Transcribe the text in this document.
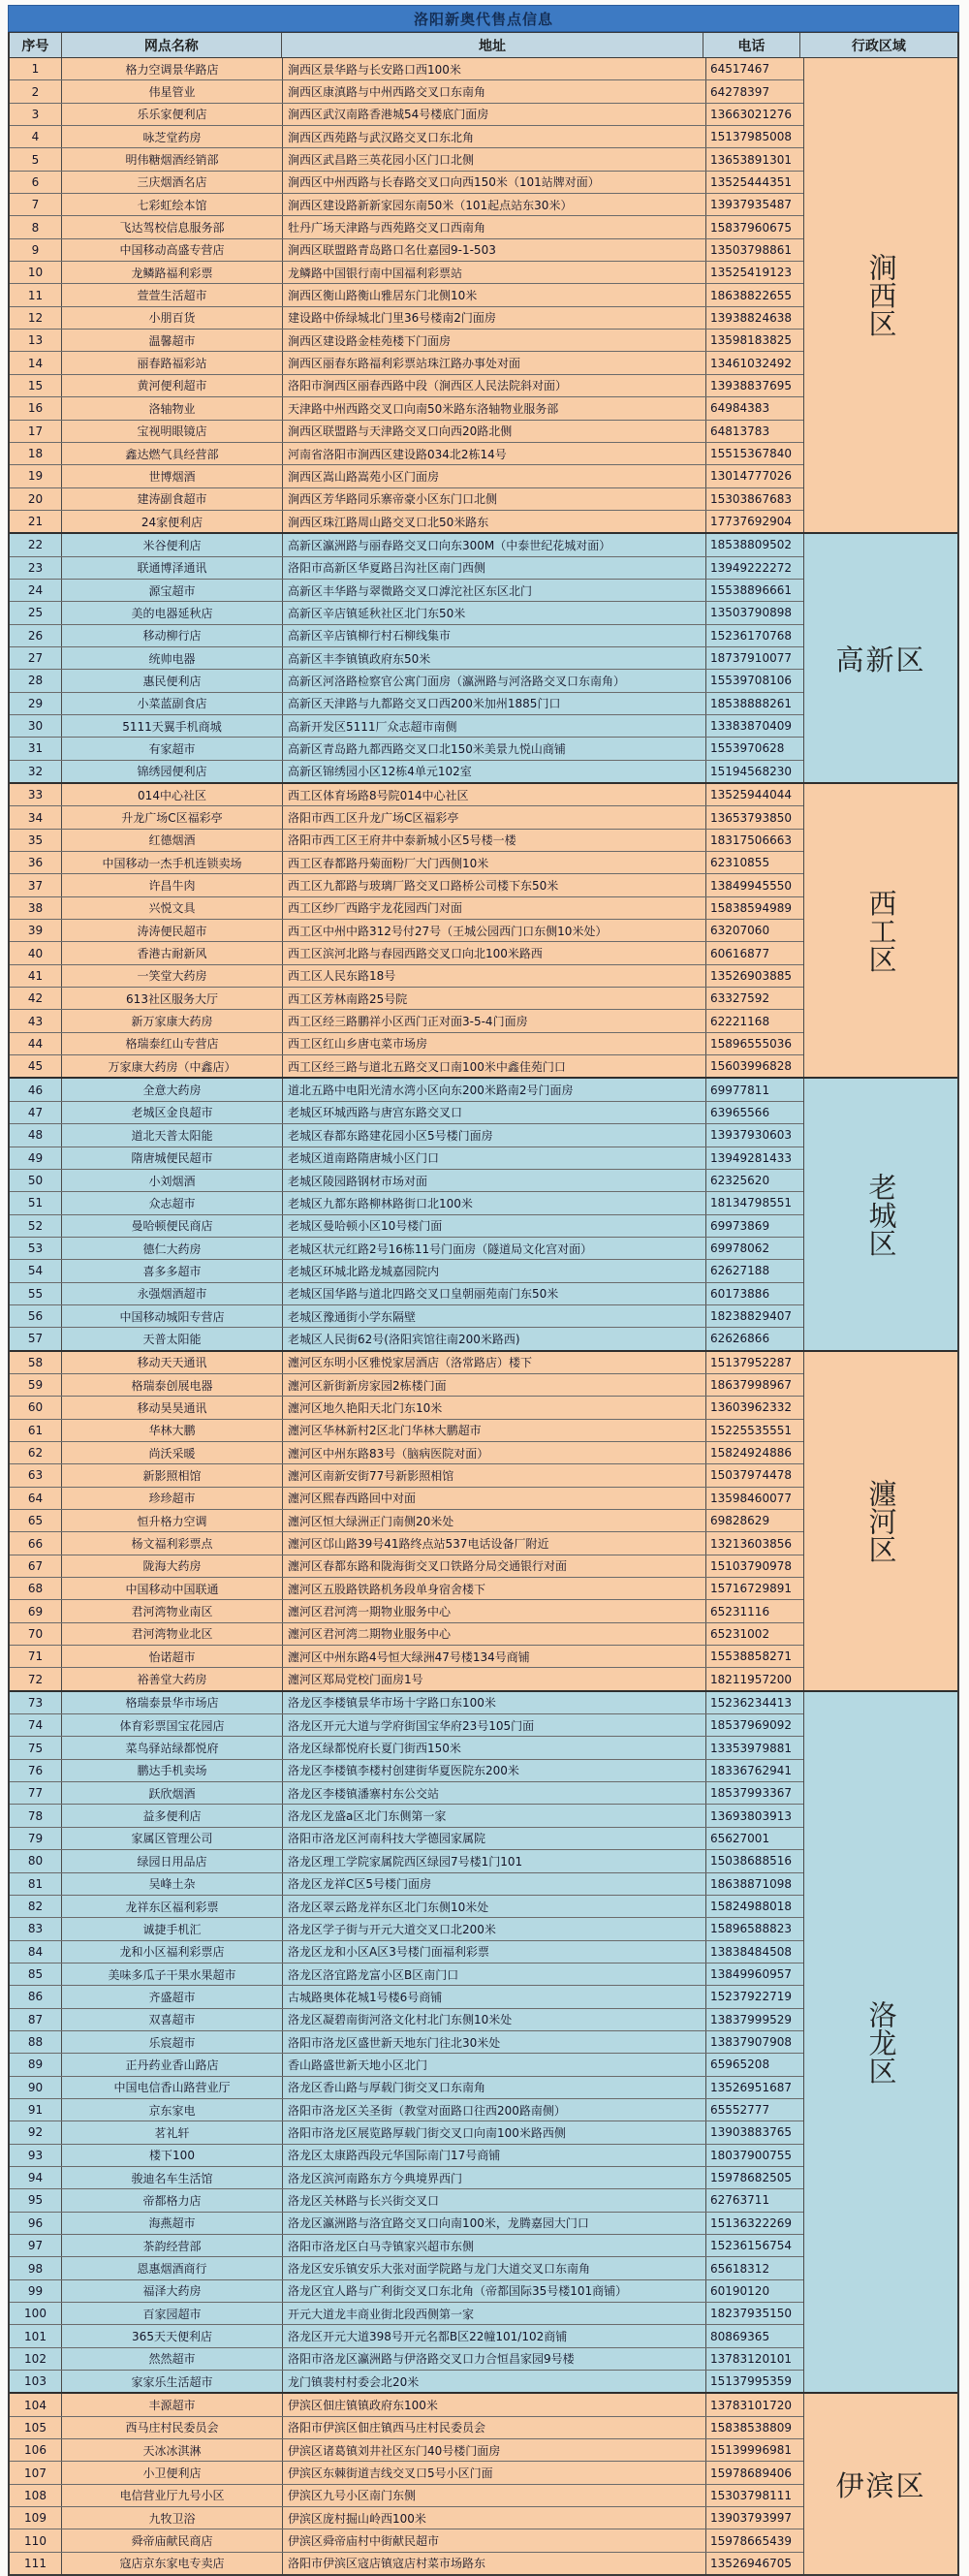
洛阳新奥代售点信息
序号	网点名称	地址	电话	行政区域
1	格力空调景华路店	涧西区景华路与长安路口西100米	64517467
2	伟星管业	涧西区康滇路与中州西路交叉口东南角	64278397
3	乐乐家便利店	涧西区武汉南路香港城54号楼底门面房	13663021276
4	咏芝堂药房	涧西区西苑路与武汉路交叉口东北角	15137985008
5	明伟糖烟酒经销部	涧西区武昌路三英花园小区门口北侧	13653891301
6	三庆烟酒名店	涧西区中州西路与长春路交叉口向西150米（101站牌对面）	13525444351
7	七彩虹绘本馆	涧西区建设路新新家园东南50米（101起点站东30米）	13937935487
8	飞达驾校信息服务部	牡丹广场天津路与西苑路交叉口西南角	15837960675
9	中国移动高盛专营店	涧西区联盟路青岛路口名仕嘉园9-1-503	13503798861
10	龙鳞路福利彩票	龙鳞路中国银行南中国福利彩票站	13525419123
11	萱萱生活超市	涧西区衡山路衡山雅居东门北侧10米	18638822655
12	小朋百货	建设路中侨绿城北门里36号楼南2门面房	13938824638
13	温馨超市	涧西区建设路金桂苑楼下门面房	13598183825
14	丽春路福彩站	涧西区丽春东路福利彩票站珠江路办事处对面	13461032492
15	黄河便利超市	洛阳市涧西区丽春西路中段（涧西区人民法院斜对面）	13938837695
16	洛轴物业	天津路中州西路交叉口向南50米路东洛轴物业服务部	64984383
17	宝视明眼镜店	涧西区联盟路与天津路交叉口向西20路北侧	64813783
18	鑫达燃气具经营部	河南省洛阳市涧西区建设路034北2栋14号	15515367840
19	世博烟酒	涧西区嵩山路嵩苑小区门面房	13014777026
20	建涛副食超市	涧西区芳华路同乐寨帝豪小区东门口北侧	15303867683
21	24家便利店	涧西区珠江路周山路交叉口北50米路东	17737692904
涧西区
22	米谷便利店	高新区瀛洲路与丽春路交叉口向东300M（中泰世纪花城对面）	18538809502
23	联通博泽通讯	洛阳市高新区华夏路吕沟社区南门西侧	13949222272
24	源宝超市	高新区丰华路与翠微路交叉口滹沱社区东区北门	15538896661
25	美的电器延秋店	高新区辛店镇延秋社区北门东50米	13503790898
26	移动柳行店	高新区辛店镇柳行村石柳线集市	15236170768
27	统帅电器	高新区丰李镇镇政府东50米	18737910077
28	惠民便利店	高新区河洛路检察官公寓门面房（瀛洲路与河洛路交叉口东南角）	15539708106
29	小菜蓝副食店	高新区天津路与九都路交叉口西200米加州1885门口	18538888261
30	5111天翼手机商城	高新开发区5111厂众志超市南侧	13383870409
31	有家超市	高新区青岛路九都西路交叉口北150米美景九悦山商铺	1553970628
32	锦绣园便利店	高新区锦绣园小区12栋4单元102室	15194568230
高新区
33	014中心社区	西工区体育场路8号院014中心社区	13525944044
34	升龙广场C区福彩亭	洛阳市西工区升龙广场C区福彩亭	13653793850
35	红德烟酒	洛阳市西工区王府井中泰新城小区5号楼一楼	18317506663
36	中国移动一杰手机连锁卖场	西工区春都路丹菊面粉厂大门西侧10米	62310855
37	许昌牛肉	西工区九都路与玻璃厂路交叉口路桥公司楼下东50米	13849945550
38	兴悦文具	西工区纱厂西路宇龙花园西门对面	15838594989
39	涛涛便民超市	西工区中州中路312号付27号（王城公园西门口东侧10米处）	63207060
40	香港古耐新风	西工区滨河北路与春园西路交叉口向北100米路西	60616877
41	一笑堂大药房	西工区人民东路18号	13526903885
42	613社区服务大厅	西工区芳林南路25号院	63327592
43	新万家康大药房	西工区经三路鹏祥小区西门正对面3-5-4门面房	62221168
44	格瑞泰红山专营店	西工区红山乡唐屯菜市场房	15896555036
45	万家康大药房（中鑫店）	西工区经三路与道北五路交叉口南100米中鑫佳苑门口	15603996828
西工区
46	全意大药房	道北五路中电阳光清水湾小区向东200米路南2号门面房	69977811
47	老城区金良超市	老城区环城西路与唐宫东路交叉口	63965566
48	道北天普太阳能	老城区春都东路建花园小区5号楼门面房	13937930603
49	隋唐城便民超市	老城区道南路隋唐城小区门口	13949281433
50	小刘烟酒	老城区陵园路钢材市场对面	62325620
51	众志超市	老城区九都东路柳林路街口北100米	18134798551
52	曼哈顿便民商店	老城区曼哈顿小区10号楼门面	69973869
53	德仁大药房	老城区状元红路2号16栋11号门面房（隧道局文化宫对面）	69978062
54	喜多多超市	老城区环城北路龙城嘉园院内	62627188
55	永强烟酒超市	老城区国华路与道北四路交叉口皇朝丽苑南门东50米	60173886
56	中国移动城阳专营店	老城区豫通街小学东隔壁	18238829407
57	天普太阳能	老城区人民街62号(洛阳宾馆往南200米路西)	62626866
老城区
58	移动天天通讯	瀍河区东明小区雅悦家居酒店（洛常路店）楼下	15137952287
59	格瑞泰创展电器	瀍河区新街新房家园2栋楼门面	18637998967
60	移动昊昊通讯	瀍河区地久艳阳天北门东10米	13603962332
61	华林大鹏	瀍河区华林新村2区北门华林大鹏超市	15225535551
62	尚沃采暖	瀍河区中州东路83号（脑病医院对面）	15824924886
63	新影照相馆	瀍河区南新安街77号新影照相馆	15037974478
64	珍珍超市	瀍河区熙春西路回中对面	13598460077
65	恒升格力空调	瀍河区恒大绿洲正门南侧20米处	69828629
66	杨文福利彩票点	瀍河区邙山路39号41路终点站537电话设备厂附近	13213603856
67	陇海大药房	瀍河区春都东路和陇海街交叉口铁路分局交通银行对面	15103790978
68	中国移动中国联通	瀍河区五股路铁路机务段单身宿舍楼下	15716729891
69	君河湾物业南区	瀍河区君河湾一期物业服务中心	65231116
70	君河湾物业北区	瀍河区君河湾二期物业服务中心	65231002
71	怡诺超市	瀍河区中州东路4号恒大绿洲47号楼134号商铺	15538858271
72	裕善堂大药房	瀍河区郑局党校门面房1号	18211957200
瀍河区
73	格瑞泰景华市场店	洛龙区李楼镇景华市场十字路口东100米	15236234413
74	体育彩票国宝花园店	洛龙区开元大道与学府街国宝华府23号105门面	18537969092
75	菜鸟驿站绿都悦府	洛龙区绿都悦府长夏门街西150米	13353979881
76	鹏达手机卖场	洛龙区李楼镇李楼村创建街华夏医院东200米	18336762941
77	跃欣烟酒	洛龙区李楼镇潘寨村东公交站	18537993367
78	益多便利店	洛龙区龙盛a区北门东侧第一家	13693803913
79	家属区管理公司	洛阳市洛龙区河南科技大学德园家属院	65627001
80	绿园日用品店	洛龙区理工学院家属院西区绿园7号楼1门101	15038688516
81	吴峰土杂	洛龙区龙祥C区5号楼门面房	18638871098
82	龙祥东区福利彩票	洛龙区翠云路龙祥东区北门东侧10米处	15824988018
83	诚捷手机汇	洛龙区学子街与开元大道交叉口北200米	15896588823
84	龙和小区福利彩票店	洛龙区龙和小区A区3号楼门面福利彩票	13838484508
85	美味多瓜子干果水果超市	洛龙区洛宜路龙富小区B区南门口	13849960957
86	齐盛超市	古城路奥体花城1号楼6号商铺	15237922719
87	双喜超市	洛龙区凝碧南街河洛文化村北门东侧10米处	13837999529
88	乐宸超市	洛阳市洛龙区盛世新天地东门往北30米处	13837907908
89	正丹药业香山路店	香山路盛世新天地小区北门	65965208
90	中国电信香山路营业厅	洛龙区香山路与厚载门街交叉口东南角	13526951687
91	京东家电	洛阳市洛龙区关圣街（教堂对面路口往西200路南侧）	65552777
92	茗礼轩	洛阳市洛龙区展览路厚载门街交叉口向南100米路西侧	13903883765
93	楼下100	洛龙区太康路西段元华国际南门17号商铺	18037900755
94	骏迪名车生活馆	洛龙区滨河南路东方今典境界西门	15978682505
95	帝都格力店	洛龙区关林路与长兴街交叉口	62763711
96	海燕超市	洛龙区瀛洲路与洛宜路交叉口向南100米，龙腾嘉园大门口	15136322269
97	茶韵经营部	洛阳市洛龙区白马寺镇家兴超市东侧	15236156754
98	恩惠烟酒商行	洛龙区安乐镇安乐大张对面学院路与龙门大道交叉口东南角	65618312
99	福泽大药房	洛龙区宜人路与广利街交叉口东北角（帝都国际35号楼101商铺）	60190120
100	百家园超市	开元大道龙丰商业街北段西侧第一家	18237935150
101	365天天便利店	洛龙区开元大道398号开元名都B区22幢101/102商铺	80869365
102	然然超市	洛阳市洛龙区瀛洲路与伊洛路交叉口力合恒昌家园9号楼	13783120101
103	家家乐生活超市	龙门镇裴村村委会北20米	15137995359
洛龙区
104	丰源超市	伊滨区佃庄镇镇政府东100米	13783101720
105	西马庄村民委员会	洛阳市伊滨区佃庄镇西马庄村民委员会	15838538809
106	天冰冰淇淋	伊滨区诸葛镇刘井社区东门40号楼门面房	15139996981
107	小卫便利店	伊滨区东棘街道吉线交叉口5号小区门面	15978689406
108	电信营业厅九号小区	伊滨区九号小区南门东侧	15303798111
109	九牧卫浴	伊滨区庞村掘山岭西100米	13903793997
110	舜帝庙献民商店	伊滨区舜帝庙村中街献民超市	15978665439
111	寇店京东家电专卖店	洛阳市伊滨区寇店镇寇店村菜市场路东	13526946705
伊滨区
